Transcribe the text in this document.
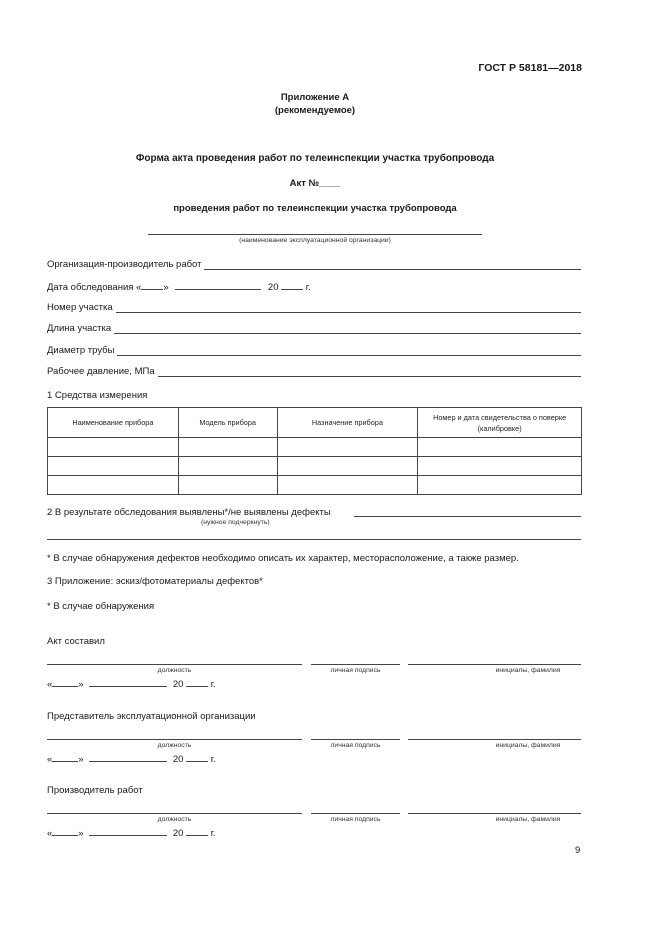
ГОСТ Р 58181—2018
Приложение А
(рекомендуемое)
Форма акта проведения работ по телеинспекции участка трубопровода
Акт №____
проведения работ по телеинспекции участка трубопровода
(наименование эксплуатационной организации)
Организация-производитель работ
Дата обследования « »	20	г.
Номер участка
Длина участка
Диаметр трубы
Рабочее давление, МПа
1 Средства измерения
Наименование прибора	Модель прибора	Назначение прибора	Номер и дата свидетельства о поверке (калибровке)

2 В результате обследования выявлены*/не выявлены дефекты
(нужное подчеркнуть)
* В случае обнаружения дефектов необходимо описать их характер, месторасположение, а также размер.
3 Приложение: эскиз/фотоматериалы дефектов*
* В случае обнаружения
Акт составил
должность	личная подпись	инициалы, фамилия
«	»	20	г.
Представитель эксплуатационной организации
должность	личная подпись	инициалы, фамилия
«	»	20	г.
Производитель работ
должность	личная подпись	инициалы, фамилия
«	»	20	г.
9
